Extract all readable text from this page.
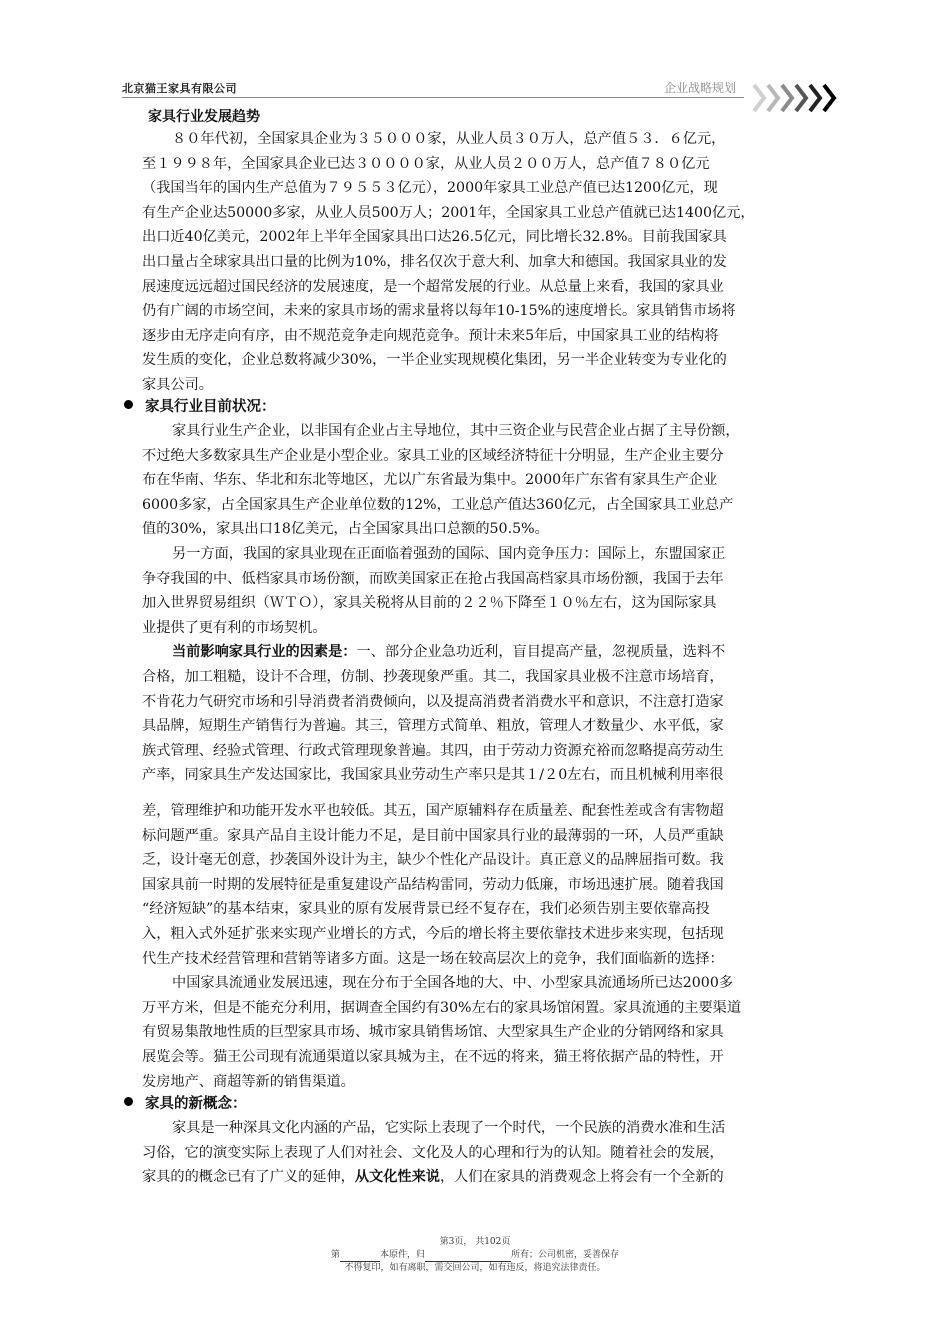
北京猫王家具有限公司	企业战略规划
家具行业发展趋势
８０年代初，全国家具企业为３５０００家，从业人员３０万人，总产值５３．６亿元，
至１９９８年，全国家具企业已达３００００家，从业人员２００万人，总产值７８０亿元
（我国当年的国内生产总值为７９５５３亿元），2000年家具工业总产值已达1200亿元，现
有生产企业达50000多家，从业人员500万人；2001年，全国家具工业总产值就已达1400亿元，
出口近40亿美元，2002年上半年全国家具出口达26.5亿元，同比增长32.8%。目前我国家具
出口量占全球家具出口量的比例为10%，排名仅次于意大利、加拿大和德国。我国家具业的发
展速度远远超过国民经济的发展速度，是一个超常发展的行业。从总量上来看，我国的家具业
仍有广阔的市场空间，未来的家具市场的需求量将以每年10-15%的速度增长。家具销售市场将
逐步由无序走向有序，由不规范竞争走向规范竞争。预计未来5年后，中国家具工业的结构将
发生质的变化，企业总数将减少30%，一半企业实现规模化集团，另一半企业转变为专业化的
家具公司。
家具行业目前状况：
家具行业生产企业，以非国有企业占主导地位，其中三资企业与民营企业占据了主导份额，
不过绝大多数家具生产企业是小型企业。家具工业的区域经济特征十分明显，生产企业主要分
布在华南、华东、华北和东北等地区，尤以广东省最为集中。2000年广东省有家具生产企业
6000多家，占全国家具生产企业单位数的12%，工业总产值达360亿元，占全国家具工业总产
值的30%，家具出口18亿美元，占全国家具出口总额的50.5%。
另一方面，我国的家具业现在正面临着强劲的国际、国内竞争压力：国际上，东盟国家正
争夺我国的中、低档家具市场份额，而欧美国家正在抢占我国高档家具市场份额，我国于去年
加入世界贸易组织（ＷＴＯ），家具关税将从目前的２２％下降至１０％左右，这为国际家具
业提供了更有利的市场契机。
当前影响家具行业的因素是：一、部分企业急功近利，盲目提高产量，忽视质量，选料不
合格，加工粗糙，设计不合理，仿制、抄袭现象严重。其二，我国家具业极不注意市场培育，
不肯花力气研究市场和引导消费者消费倾向，以及提高消费者消费水平和意识，不注意打造家
具品牌，短期生产销售行为普遍。其三，管理方式简单、粗放，管理人才数量少、水平低，家
族式管理、经验式管理、行政式管理现象普遍。其四，由于劳动力资源充裕而忽略提高劳动生
产率，同家具生产发达国家比，我国家具业劳动生产率只是其１/２0左右，而且机械利用率很
差，管理维护和功能开发水平也较低。其五，国产原辅料存在质量差、配套性差或含有害物超
标问题严重。家具产品自主设计能力不足，是目前中国家具行业的最薄弱的一环，人员严重缺
乏，设计毫无创意，抄袭国外设计为主，缺少个性化产品设计。真正意义的品牌屈指可数。我
国家具前一时期的发展特征是重复建设产品结构雷同，劳动力低廉，市场迅速扩展。随着我国
“经济短缺”的基本结束，家具业的原有发展背景已经不复存在，我们必须告别主要依靠高投
入，粗入式外延扩张来实现产业增长的方式，今后的增长将主要依靠技术进步来实现，包括现
代生产技术经营管理和营销等诸多方面。这是一场在较高层次上的竞争，我们面临新的选择：
中国家具流通业发展迅速，现在分布于全国各地的大、中、小型家具流通场所已达2000多
万平方米，但是不能充分利用，据调查全国约有30%左右的家具场馆闲置。家具流通的主要渠道
有贸易集散地性质的巨型家具市场、城市家具销售场馆、大型家具生产企业的分销网络和家具
展览会等。猫王公司现有流通渠道以家具城为主，在不远的将来，猫王将依据产品的特性，开
发房地产、商超等新的销售渠道。
家具的新概念：
家具是一种深具文化内涵的产品，它实际上表现了一个时代，一个民族的消费水准和生活
习俗，它的演变实际上表现了人们对社会、文化及人的心理和行为的认知。随着社会的发展，
家具的的概念已有了广义的延伸，从文化性来说，人们在家具的消费观念上将会有一个全新的
第3页， 共102页
第	本原件，归	所有；公司机密，妥善保存
不得复印，如有离职，需交回公司，如有违反，将追究法律责任。
